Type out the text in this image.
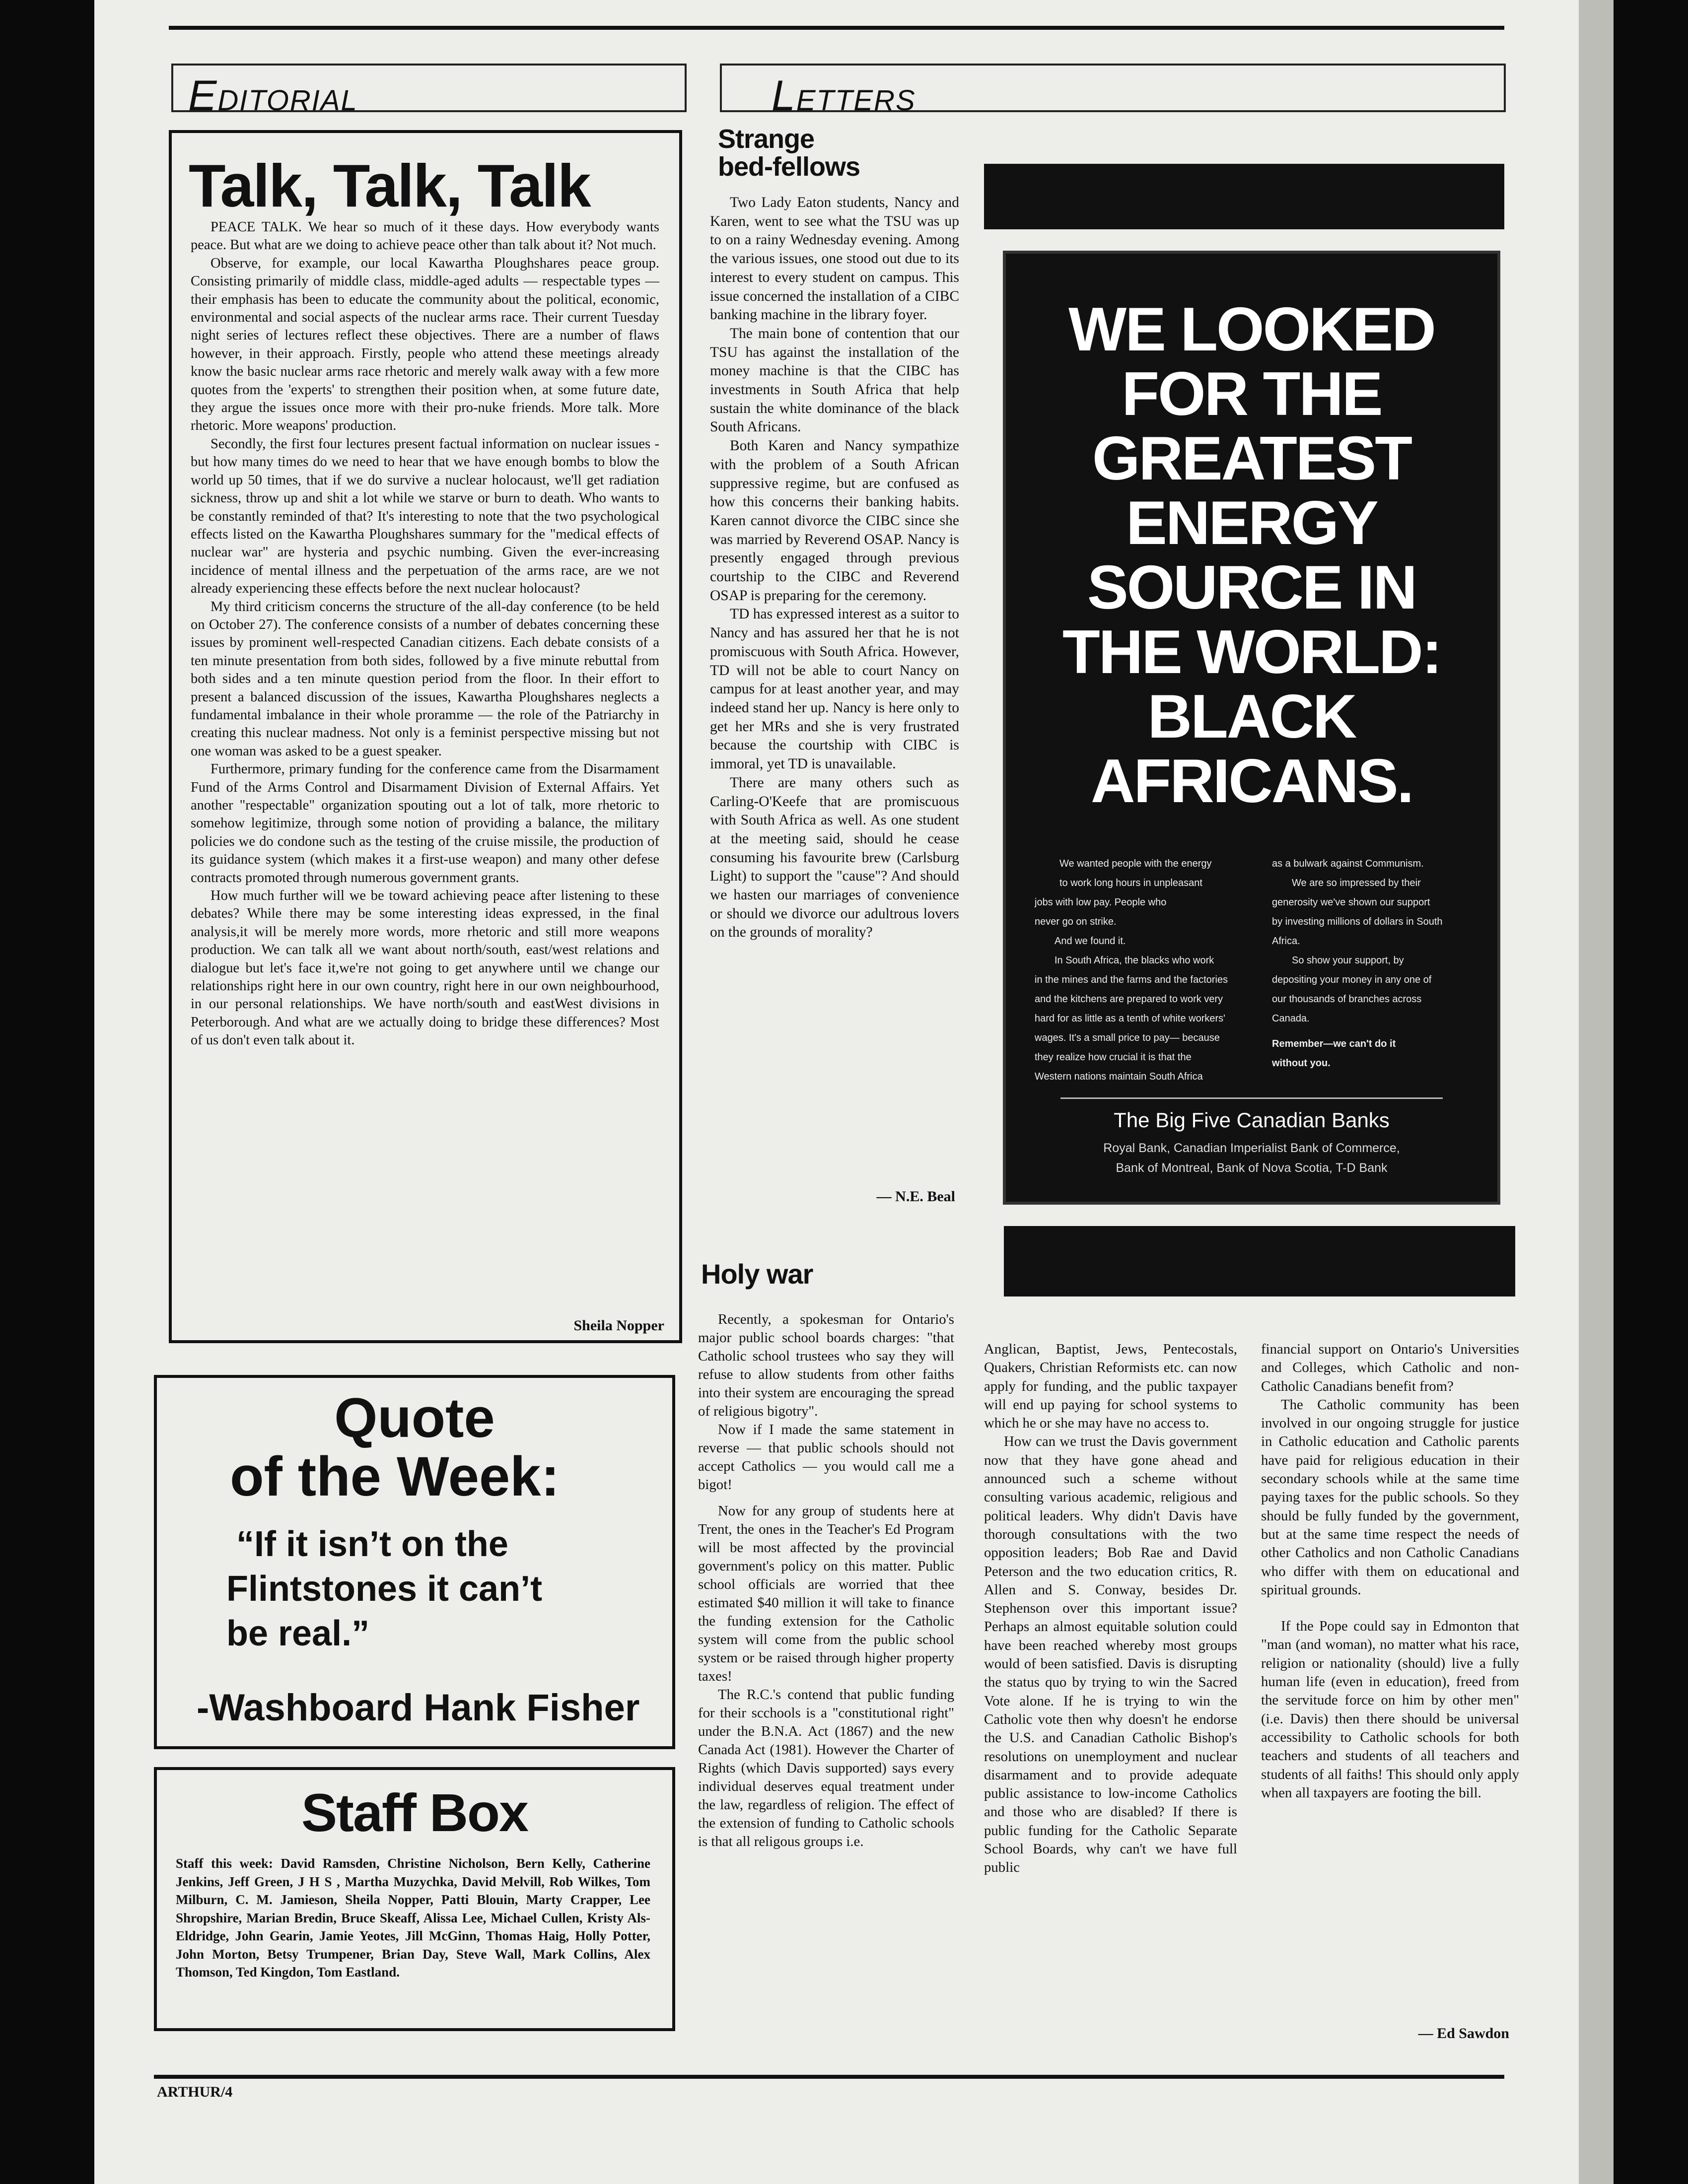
EDITORIAL	LETTERS
Talk, Talk, Talk

PEACE TALK. We hear so much of it these days. How everybody wants peace. But what are we doing to achieve peace other than talk about it? Not much.

Observe, for example, our local Kawartha Ploughshares peace group. Consisting primarily of middle class, middle-aged adults — respectable types — their emphasis has been to educate the community about the political, economic, environmental and social aspects of the nuclear arms race. Their current Tuesday night series of lectures reflect these objectives. There are a number of flaws however, in their approach. Firstly, people who attend these meetings already know the basic nuclear arms race rhetoric and merely walk away with a few more quotes from the 'experts' to strengthen their position when, at some future date, they argue the issues once more with their pro-nuke friends. More talk. More rhetoric. More weapons' production.

Secondly, the first four lectures present factual information on nuclear issues - but how many times do we need to hear that we have enough bombs to blow the world up 50 times, that if we do survive a nuclear holocaust, we'll get radiation sickness, throw up and shit a lot while we starve or burn to death. Who wants to be constantly reminded of that? It's interesting to note that the two psychological effects listed on the Kawartha Ploughshares summary for the "medical effects of nuclear war" are hysteria and psychic numbing. Given the ever-increasing incidence of mental illness and the perpetuation of the arms race, are we not already experiencing these effects before the next nuclear holocaust?

My third criticism concerns the structure of the all-day conference (to be held on October 27). The conference consists of a number of debates concerning these issues by prominent well-respected Canadian citizens. Each debate consists of a ten minute presentation from both sides, followed by a five minute rebuttal from both sides and a ten minute question period from the floor. In their effort to present a balanced discussion of the issues, Kawartha Ploughshares neglects a fundamental imbalance in their whole proramme — the role of the Patriarchy in creating this nuclear madness. Not only is a feminist perspective missing but not one woman was asked to be a guest speaker.

Furthermore, primary funding for the conference came from the Disarmament Fund of the Arms Control and Disarmament Division of External Affairs. Yet another "respectable" organization spouting out a lot of talk, more rhetoric to somehow legitimize, through some notion of providing a balance, the military policies we do condone such as the testing of the cruise missile, the production of its guidance system (which makes it a first-use weapon) and many other defese contracts promoted through numerous government grants.

How much further will we be toward achieving peace after listening to these debates? While there may be some interesting ideas expressed, in the final analysis,it will be merely more words, more rhetoric and still more weapons production. We can talk all we want about north/south, east/west relations and dialogue but let's face it,we're not going to get anywhere until we change our relationships right here in our own country, right here in our own neighbourhood, in our personal relationships. We have north/south and eastWest divisions in Peterborough. And what are we actually doing to bridge these differences? Most of us don't even talk about it.

Sheila Nopper
Quote
of the Week:
“If it isn’t on the
Flintstones it can’t
be real.”
-Washboard Hank Fisher
Staff Box
Staff this week: David Ramsden, Christine Nicholson, Bern Kelly, Catherine Jenkins, Jeff Green, J H S , Martha Muzychka, David Melvill, Rob Wilkes, Tom Milburn, C. M. Jamieson, Sheila Nopper, Patti Blouin, Marty Crapper, Lee Shropshire, Marian Bredin, Bruce Skeaff, Alissa Lee, Michael Cullen, Kristy AlsEldridge, John Gearin, Jamie Yeotes, Jill McGinn, Thomas Haig, Holly Potter, John Morton, Betsy Trumpener, Brian Day, Steve Wall, Mark Collins, Alex Thomson, Ted Kingdon, Tom Eastland.
Strange
bed-fellows

Two Lady Eaton students, Nancy and Karen, went to see what the TSU was up to on a rainy Wednesday evening. Among the various issues, one stood out due to its interest to every student on campus. This issue concerned the installation of a CIBC banking machine in the library foyer.

The main bone of contention that our TSU has against the installation of the money machine is that the CIBC has investments in South Africa that help sustain the white dominance of the black South Africans.

Both Karen and Nancy sympathize with the problem of a South African suppressive regime, but are confused as how this concerns their banking habits. Karen cannot divorce the CIBC since she was married by Reverend OSAP. Nancy is presently engaged through previous courtship to the CIBC and Reverend OSAP is preparing for the ceremony.

TD has expressed interest as a suitor to Nancy and has assured her that he is not promiscuous with South Africa. However, TD will not be able to court Nancy on campus for at least another year, and may indeed stand her up. Nancy is here only to get her MRs and she is very frustrated because the courtship with CIBC is immoral, yet TD is unavailable.

There are many others such as Carling-O'Keefe that are promiscuous with South Africa as well. As one student at the meeting said, should he cease consuming his favourite brew (Carlsburg Light) to support the "cause"? And should we hasten our marriages of convenience or should we divorce our adultrous lovers on the grounds of morality?

— N.E. Beal
WE LOOKED
FOR THE
GREATEST
ENERGY
SOURCE IN
THE WORLD:
BLACK
AFRICANS.
We wanted people with the energy
to work long hours in unpleasant
jobs with low pay. People who
never go on strike.
And we found it.
In South Africa, the blacks who work
in the mines and the farms and the factories
and the kitchens are prepared to work very
hard for as little as a tenth of white workers'
wages. It's a small price to pay— because
they realize how crucial it is that the
Western nations maintain South Africa
as a bulwark against Communism.
We are so impressed by their
generosity we've shown our support
by investing millions of dollars in South
Africa.
So show your support, by
depositing your money in any one of
our thousands of branches across
Canada.
Remember—we can't do it
without you.
The Big Five Canadian Banks
Royal Bank, Canadian Imperialist Bank of Commerce,
Bank of Montreal, Bank of Nova Scotia, T-D Bank
Holy war

Recently, a spokesman for Ontario's major public school boards charges: "that Catholic school trustees who say they will refuse to allow students from other faiths into their system are encouraging the spread of religious bigotry".

Now if I made the same statement in reverse — that public schools should not accept Catholics — you would call me a bigot!

Now for any group of students here at Trent, the ones in the Teacher's Ed Program will be most affected by the provincial government's policy on this matter. Public school officials are worried that thee estimated $40 million it will take to finance the funding extension for the Catholic system will come from the public school system or be raised through higher property taxes!

The R.C.'s contend that public funding for their scchools is a "constitutional right" under the B.N.A. Act (1867) and the new Canada Act (1981). However the Charter of Rights (which Davis supported) says every individual deserves equal treatment under the law, regardless of religion. The effect of the extension of funding to Catholic schools is that all religous groups i.e.

Anglican, Baptist, Jews, Pentecostals, Quakers, Christian Reformists etc. can now apply for funding, and the public taxpayer will end up paying for school systems to which he or she may have no access to.

How can we trust the Davis government now that they have gone ahead and announced such a scheme without consulting various academic, religious and political leaders. Why didn't Davis have thorough consultations with the two opposition leaders; Bob Rae and David Peterson and the two education critics, R. Allen and S. Conway, besides Dr. Stephenson over this important issue? Perhaps an almost equitable solution could have been reached whereby most groups would of been satisfied. Davis is disrupting the status quo by trying to win the Sacred Vote alone. If he is trying to win the Catholic vote then why doesn't he endorse the U.S. and Canadian Catholic Bishop's resolutions on unemployment and nuclear disarmament and to provide adequate public assistance to low-income Catholics and those who are disabled? If there is public funding for the Catholic Separate School Boards, why can't we have full public

financial support on Ontario's Universities and Colleges, which Catholic and non-Catholic Canadians benefit from?

The Catholic community has been involved in our ongoing struggle for justice in Catholic education and Catholic parents have paid for religious education in their secondary schools while at the same time paying taxes for the public schools. So they should be fully funded by the government, but at the same time respect the needs of other Catholics and non Catholic Canadians who differ with them on educational and spiritual grounds.

If the Pope could say in Edmonton that "man (and woman), no matter what his race, religion or nationality (should) live a fully human life (even in education), freed from the servitude force on him by other men" (i.e. Davis) then there should be universal accessibility to Catholic schools for both teachers and students of all teachers and students of all faiths! This should only apply when all taxpayers are footing the bill.

— Ed Sawdon
ARTHUR/4
